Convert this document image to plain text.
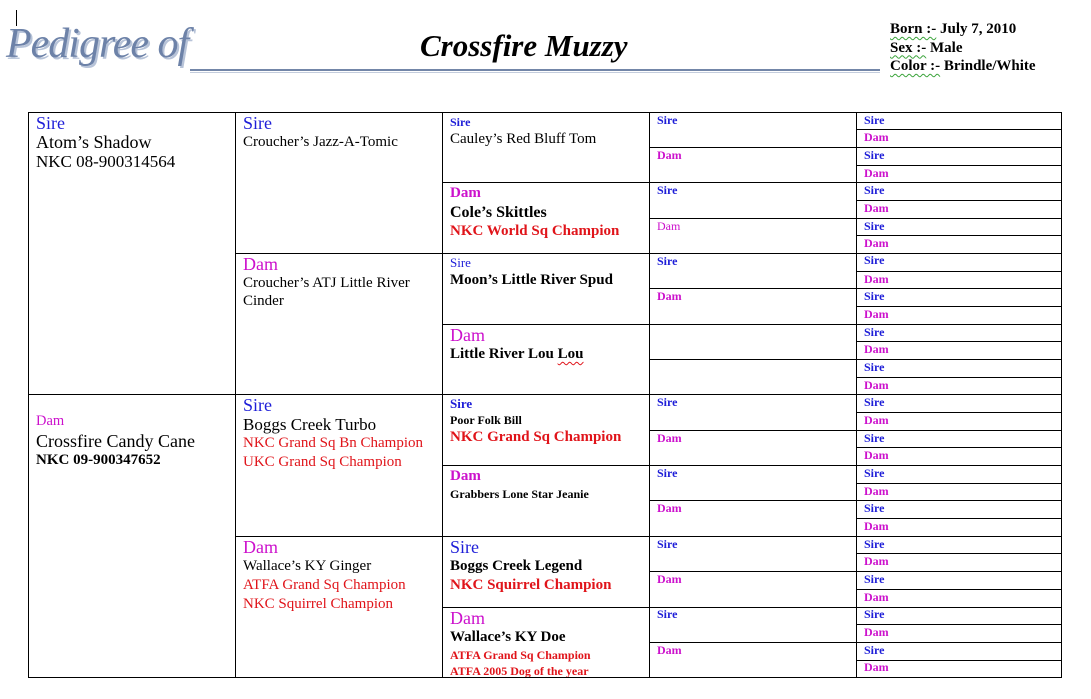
Pedigree of	Crossfire Muzzy	Born :- July 7, 2010
Sex :- Male
Color :- Brindle/White
Sire
Atom’s Shadow
NKC 08-900314564
Dam
Crossfire Candy Cane
NKC 09-900347652
Sire
Croucher’s Jazz-A-Tomic
Dam
Croucher’s ATJ Little River
Cinder
Sire
Boggs Creek Turbo
NKC Grand Sq Bn Champion
UKC Grand Sq Champion
Dam
Wallace’s KY Ginger
ATFA Grand Sq Champion
NKC Squirrel Champion
Sire
Cauley’s Red Bluff Tom
Dam
Cole’s Skittles
NKC World Sq Champion
Sire
Moon’s Little River Spud
Dam
Little River Lou Lou
Sire
Poor Folk Bill
NKC Grand Sq Champion
Dam
Grabbers Lone Star Jeanie
Sire
Boggs Creek Legend
NKC Squirrel Champion
Dam
Wallace’s KY Doe
ATFA Grand Sq Champion
ATFA 2005 Dog of the year
Sire
Dam
Sire
Dam
Sire
Dam
Sire
Dam
Sire
Dam
Sire
Dam
Sire
Dam
Sire
Dam
Sire
Dam
Sire
Dam
Sire
Dam
Sire
Dam
Sire
Dam
Sire
Dam
Sire
Dam
Sire
Dam
Sire
Dam
Sire
Dam
Sire
Dam
Sire
Dam
Sire
Dam
Sire
Dam
Sire
Dam
